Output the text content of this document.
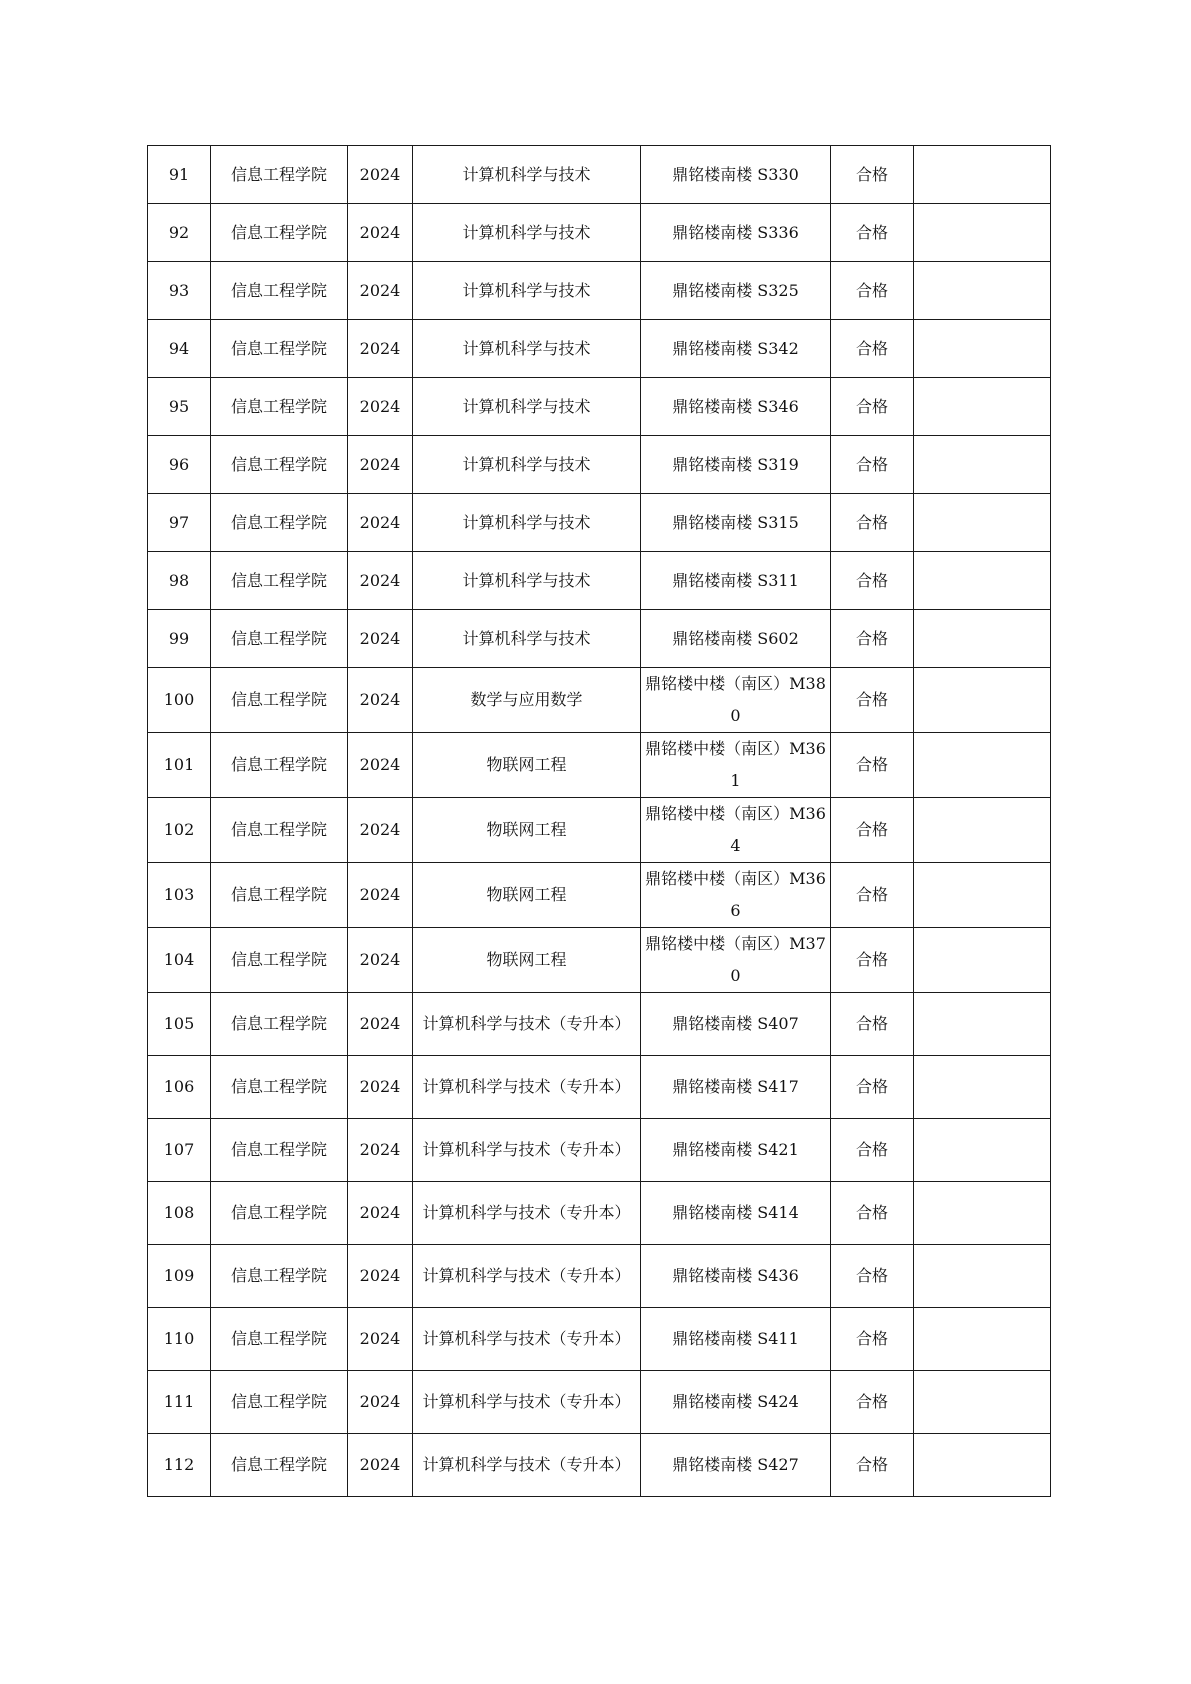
91	信息工程学院	2024	计算机科学与技术	鼎铭楼南楼 S330	合格	
92	信息工程学院	2024	计算机科学与技术	鼎铭楼南楼 S336	合格	
93	信息工程学院	2024	计算机科学与技术	鼎铭楼南楼 S325	合格	
94	信息工程学院	2024	计算机科学与技术	鼎铭楼南楼 S342	合格	
95	信息工程学院	2024	计算机科学与技术	鼎铭楼南楼 S346	合格	
96	信息工程学院	2024	计算机科学与技术	鼎铭楼南楼 S319	合格	
97	信息工程学院	2024	计算机科学与技术	鼎铭楼南楼 S315	合格	
98	信息工程学院	2024	计算机科学与技术	鼎铭楼南楼 S311	合格	
99	信息工程学院	2024	计算机科学与技术	鼎铭楼南楼 S602	合格	
100	信息工程学院	2024	数学与应用数学	鼎铭楼中楼（南区）M380	合格	
101	信息工程学院	2024	物联网工程	鼎铭楼中楼（南区）M361	合格	
102	信息工程学院	2024	物联网工程	鼎铭楼中楼（南区）M364	合格	
103	信息工程学院	2024	物联网工程	鼎铭楼中楼（南区）M366	合格	
104	信息工程学院	2024	物联网工程	鼎铭楼中楼（南区）M370	合格	
105	信息工程学院	2024	计算机科学与技术（专升本）	鼎铭楼南楼 S407	合格	
106	信息工程学院	2024	计算机科学与技术（专升本）	鼎铭楼南楼 S417	合格	
107	信息工程学院	2024	计算机科学与技术（专升本）	鼎铭楼南楼 S421	合格	
108	信息工程学院	2024	计算机科学与技术（专升本）	鼎铭楼南楼 S414	合格	
109	信息工程学院	2024	计算机科学与技术（专升本）	鼎铭楼南楼 S436	合格	
110	信息工程学院	2024	计算机科学与技术（专升本）	鼎铭楼南楼 S411	合格	
111	信息工程学院	2024	计算机科学与技术（专升本）	鼎铭楼南楼 S424	合格	
112	信息工程学院	2024	计算机科学与技术（专升本）	鼎铭楼南楼 S427	合格	
